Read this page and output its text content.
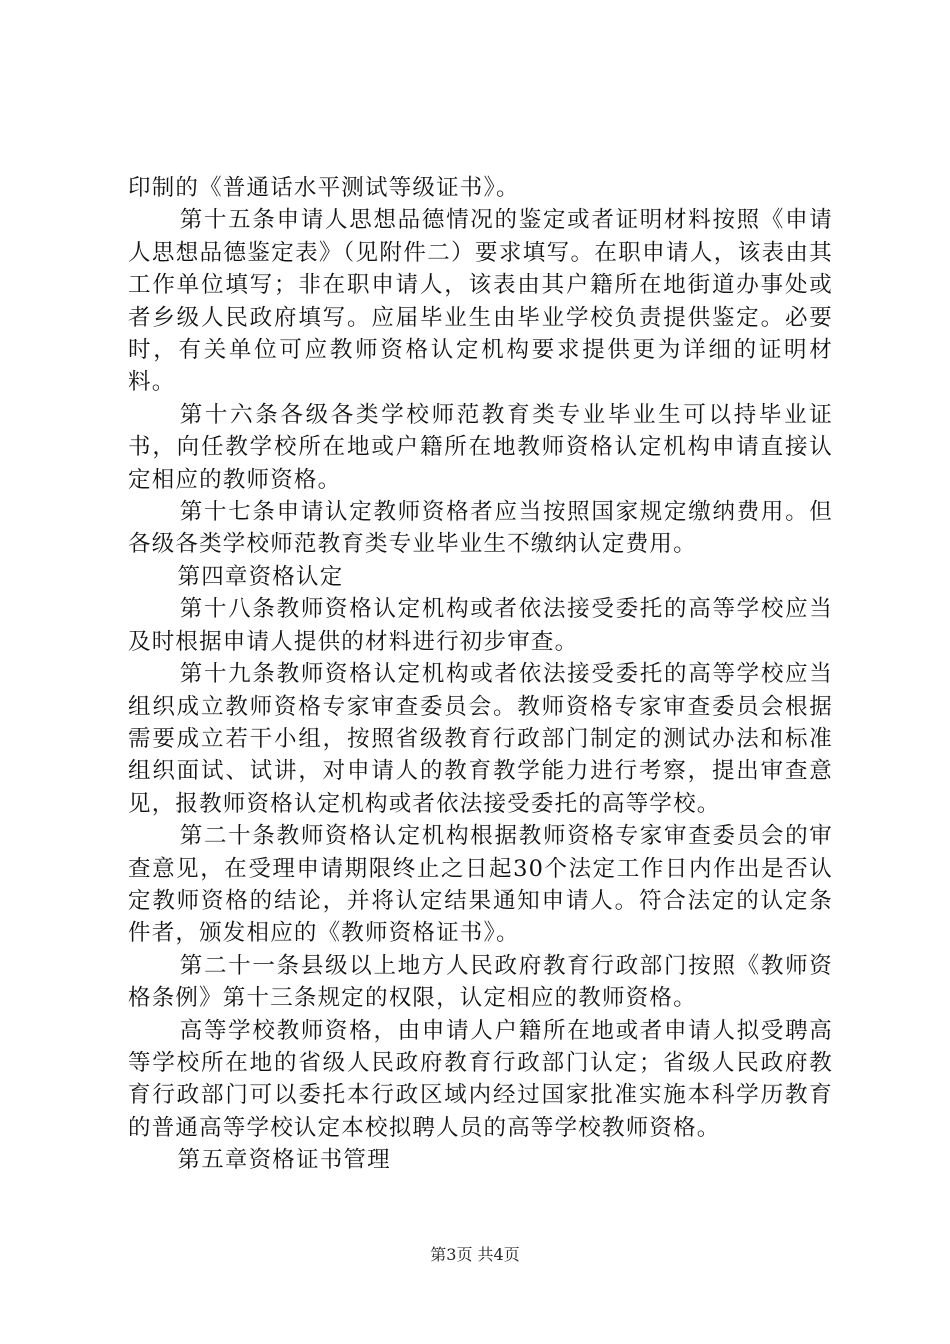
印制的《普通话水平测试等级证书》。

第十五条申请人思想品德情况的鉴定或者证明材料按照《申请人思想品德鉴定表》（见附件二）要求填写。在职申请人，该表由其工作单位填写；非在职申请人，该表由其户籍所在地街道办事处或者乡级人民政府填写。应届毕业生由毕业学校负责提供鉴定。必要时，有关单位可应教师资格认定机构要求提供更为详细的证明材料。

第十六条各级各类学校师范教育类专业毕业生可以持毕业证书，向任教学校所在地或户籍所在地教师资格认定机构申请直接认定相应的教师资格。

第十七条申请认定教师资格者应当按照国家规定缴纳费用。但各级各类学校师范教育类专业毕业生不缴纳认定费用。

第四章资格认定

第十八条教师资格认定机构或者依法接受委托的高等学校应当及时根据申请人提供的材料进行初步审查。

第十九条教师资格认定机构或者依法接受委托的高等学校应当组织成立教师资格专家审查委员会。教师资格专家审查委员会根据需要成立若干小组，按照省级教育行政部门制定的测试办法和标准组织面试、试讲，对申请人的教育教学能力进行考察，提出审查意见，报教师资格认定机构或者依法接受委托的高等学校。

第二十条教师资格认定机构根据教师资格专家审查委员会的审查意见，在受理申请期限终止之日起30个法定工作日内作出是否认定教师资格的结论，并将认定结果通知申请人。符合法定的认定条件者，颁发相应的《教师资格证书》。

第二十一条县级以上地方人民政府教育行政部门按照《教师资格条例》第十三条规定的权限，认定相应的教师资格。

高等学校教师资格，由申请人户籍所在地或者申请人拟受聘高等学校所在地的省级人民政府教育行政部门认定；省级人民政府教育行政部门可以委托本行政区域内经过国家批准实施本科学历教育的普通高等学校认定本校拟聘人员的高等学校教师资格。

第五章资格证书管理

第3页 共4页
